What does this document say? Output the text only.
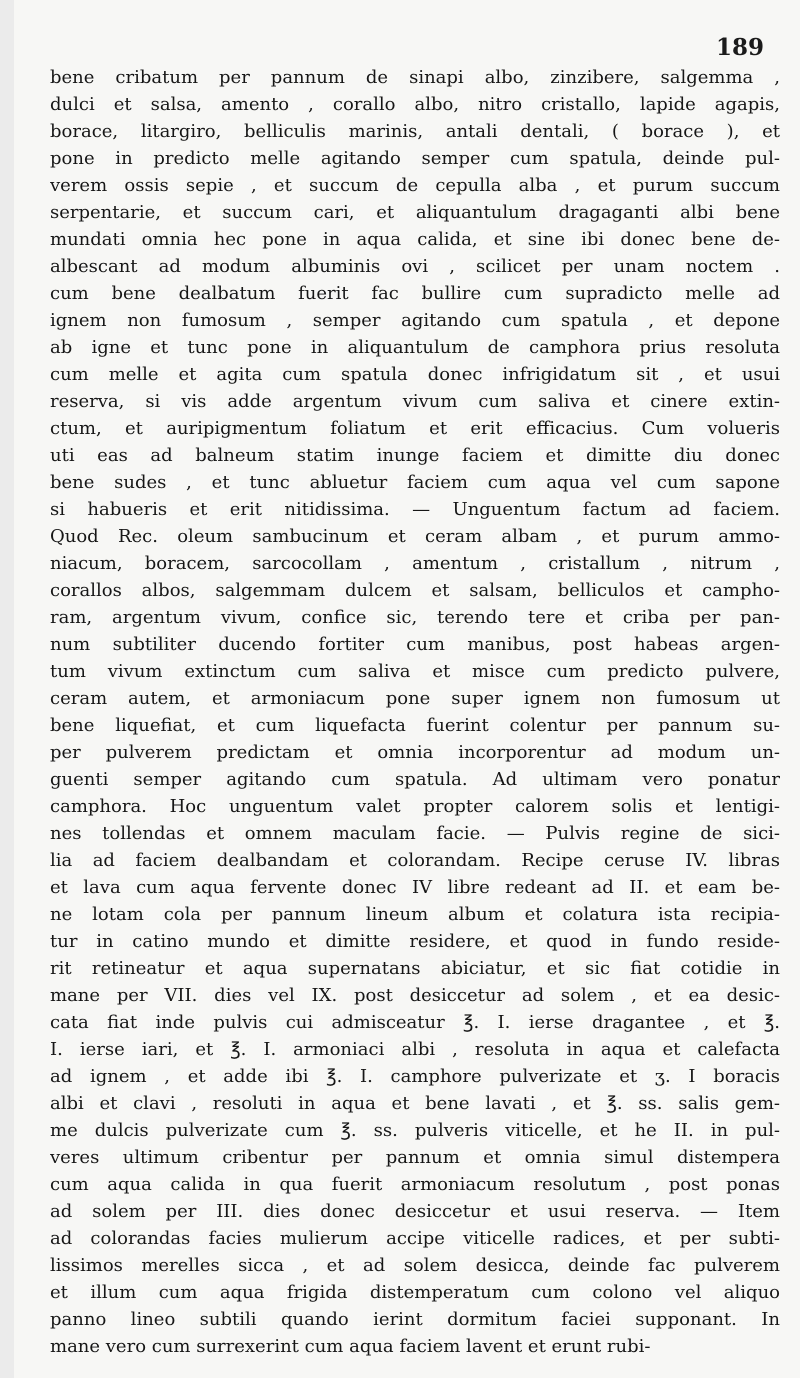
189
bene cribatum per pannum de sinapi albo, zinzibere, salgemma ,
dulci et salsa, amento , corallo albo, nitro cristallo, lapide agapis,
borace, litargiro, belliculis marinis, antali dentali, ( borace ), et
pone in predicto melle agitando semper cum spatula, deinde pul-
verem ossis sepie , et succum de cepulla alba , et purum succum
serpentarie, et succum cari, et aliquantulum dragaganti albi bene
mundati omnia hec pone in aqua calida, et sine ibi donec bene de-
albescant ad modum albuminis ovi , scilicet per unam noctem .
cum bene dealbatum fuerit fac bullire cum supradicto melle ad
ignem non fumosum , semper agitando cum spatula , et depone
ab igne et tunc pone in aliquantulum de camphora prius resoluta
cum melle et agita cum spatula donec infrigidatum sit , et usui
reserva, si vis adde argentum vivum cum saliva et cinere extin-
ctum, et auripigmentum foliatum et erit efficacius. Cum volueris
uti eas ad balneum statim inunge faciem et dimitte diu donec
bene sudes , et tunc abluetur faciem cum aqua vel cum sapone
si habueris et erit nitidissima. — Unguentum factum ad faciem.
Quod Rec. oleum sambucinum et ceram albam , et purum ammo-
niacum, boracem, sarcocollam , amentum , cristallum , nitrum ,
corallos albos, salgemmam dulcem et salsam, belliculos et campho-
ram, argentum vivum, confice sic, terendo tere et criba per pan-
num subtiliter ducendo fortiter cum manibus, post habeas argen-
tum vivum extinctum cum saliva et misce cum predicto pulvere,
ceram autem, et armoniacum pone super ignem non fumosum ut
bene liquefiat, et cum liquefacta fuerint colentur per pannum su-
per pulverem predictam et omnia incorporentur ad modum un-
guenti semper agitando cum spatula. Ad ultimam vero ponatur
camphora. Hoc unguentum valet propter calorem solis et lentigi-
nes tollendas et omnem maculam facie. — Pulvis regine de sici-
lia ad faciem dealbandam et colorandam. Recipe ceruse IV. libras
et lava cum aqua fervente donec IV libre redeant ad II. et eam be-
ne lotam cola per pannum lineum album et colatura ista recipia-
tur in catino mundo et dimitte residere, et quod in fundo reside-
rit retineatur et aqua supernatans abiciatur, et sic fiat cotidie in
mane per VII. dies vel IX. post desiccetur ad solem , et ea desic-
cata fiat inde pulvis cui admisceatur ℥. I. ierse dragantee , et ℥.
I. ierse iari, et ℥. I. armoniaci albi , resoluta in aqua et calefacta
ad ignem , et adde ibi ℥. I. camphore pulverizate et ʒ. I boracis
albi et clavi , resoluti in aqua et bene lavati , et ℥. ss. salis gem-
me dulcis pulverizate cum ℥. ss. pulveris viticelle, et he II. in pul-
veres ultimum cribentur per pannum et omnia simul distempera
cum aqua calida in qua fuerit armoniacum resolutum , post ponas
ad solem per III. dies donec desiccetur et usui reserva. — Item
ad colorandas facies mulierum accipe viticelle radices, et per subti-
lissimos merelles sicca , et ad solem desicca, deinde fac pulverem
et illum cum aqua frigida distemperatum cum colono vel aliquo
panno lineo subtili quando ierint dormitum faciei supponant. In
mane vero cum surrexerint cum aqua faciem lavent et erunt rubi-
